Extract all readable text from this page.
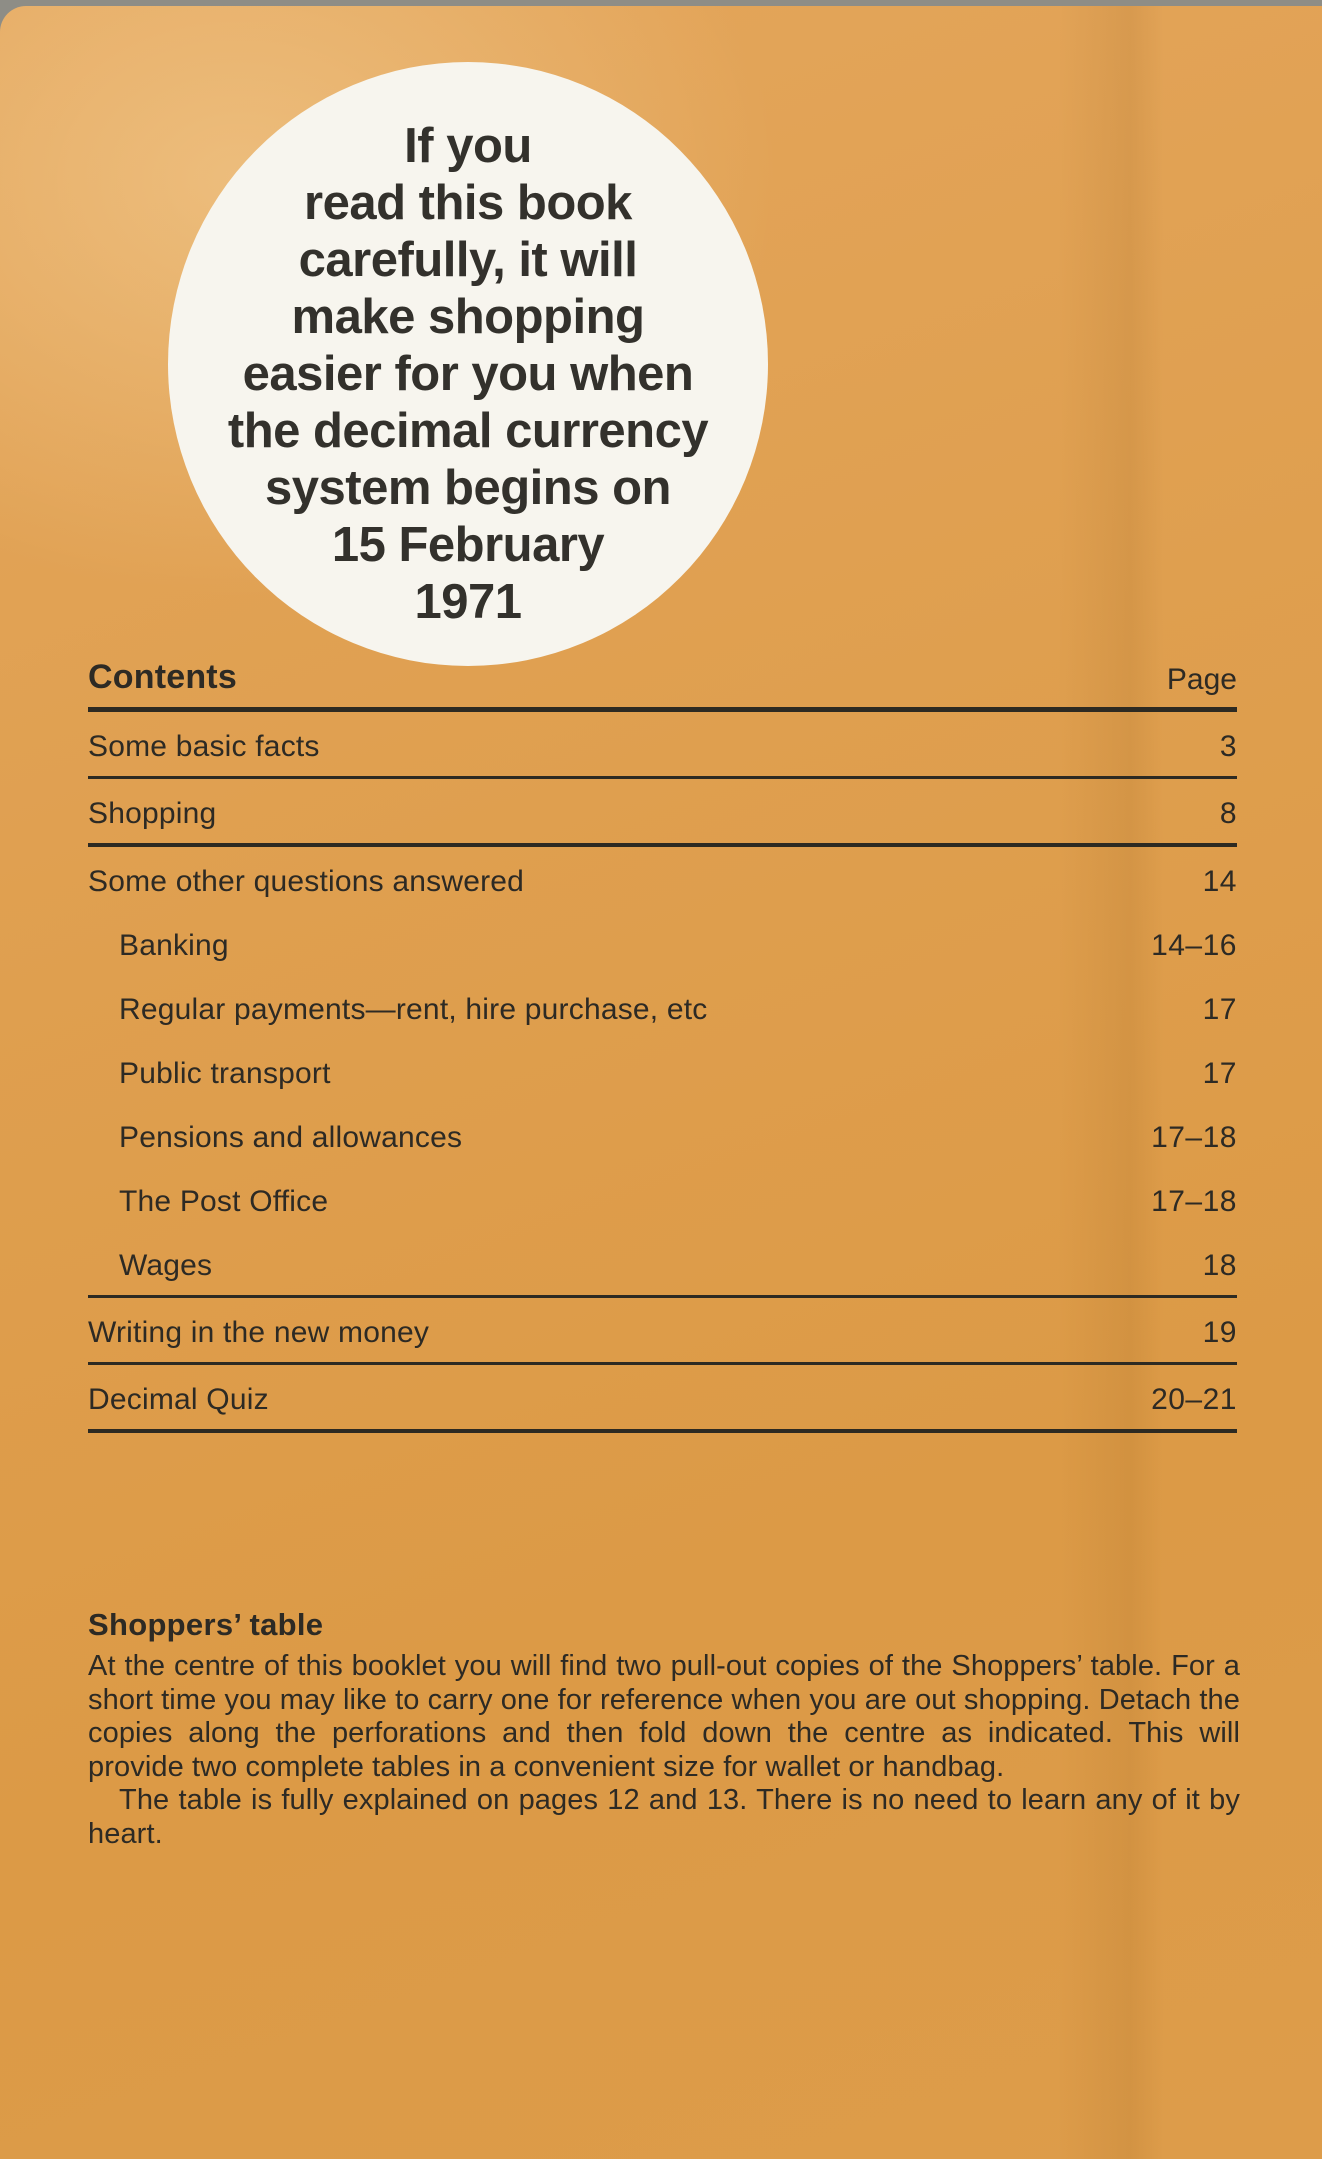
If you
read this book
carefully, it will
make shopping
easier for you when
the decimal currency
system begins on
15 February
1971
Contents	Page
Some basic facts	3
Shopping	8
Some other questions answered	14
Banking	14–16
Regular payments—rent, hire purchase, etc	17
Public transport	17
Pensions and allowances	17–18
The Post Office	17–18
Wages	18
Writing in the new money	19
Decimal Quiz	20–21
Shoppers’ table

At the centre of this booklet you will find two pull-out copies of the Shoppers’ table. For a short time you may like to carry one for reference when you are out shopping. Detach the copies along the perforations and then fold down the centre as indicated. This will provide two complete tables in a convenient size for wallet or handbag.

The table is fully explained on pages 12 and 13. There is no need to learn any of it by heart.
